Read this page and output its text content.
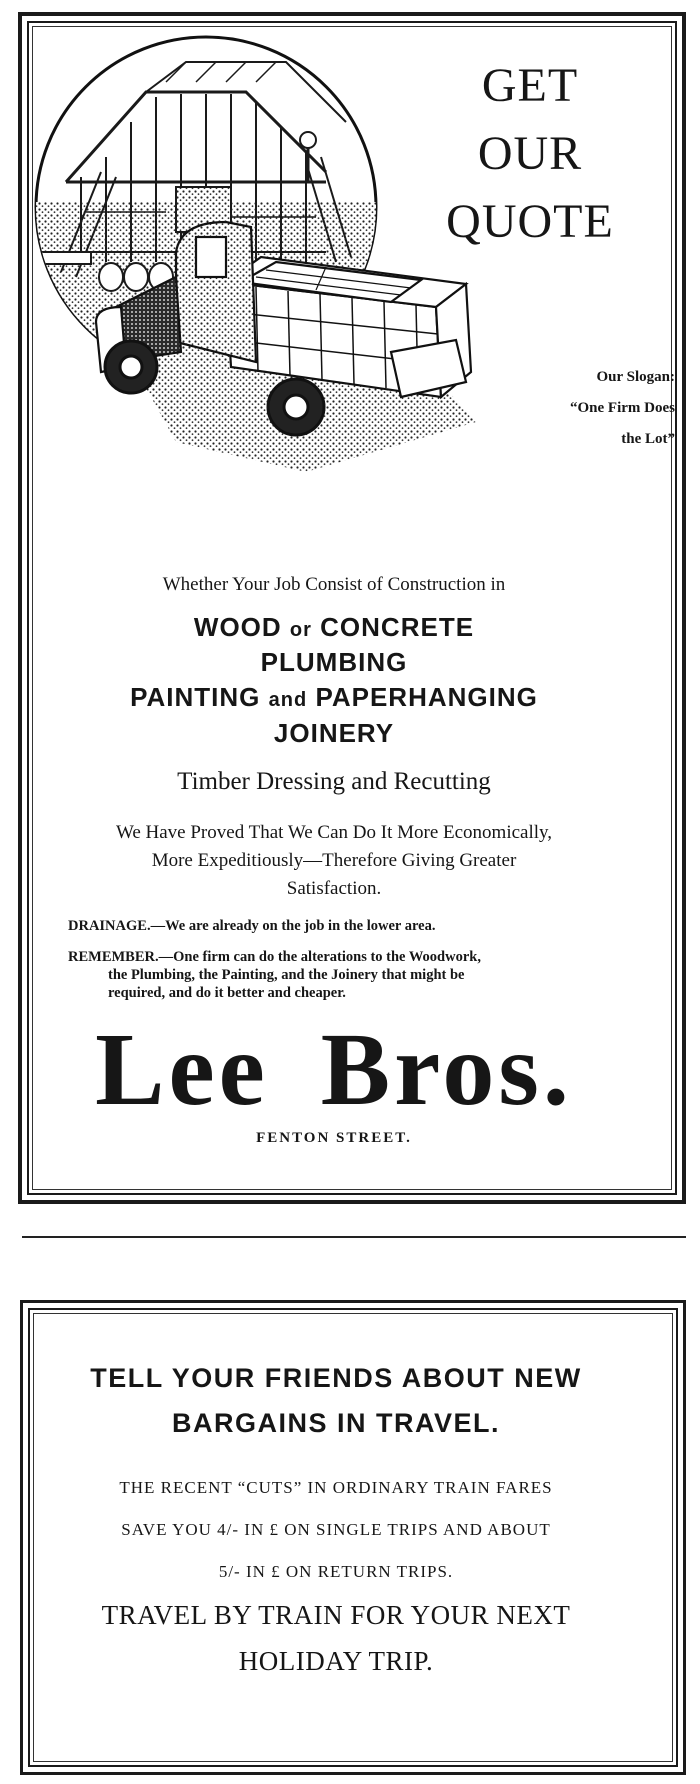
GET
OUR
QUOTE
Our Slogan:
“One Firm Does
the Lot”
Whether Your Job Consist of Construction in
WOOD or CONCRETE
PLUMBING
PAINTING and PAPERHANGING
JOINERY
Timber Dressing and Recutting
We Have Proved That We Can Do It More Economically,
More Expeditiously—Therefore Giving Greater
Satisfaction.
DRAINAGE.—We are already on the job in the lower area.
REMEMBER.—One firm can do the alterations to the Woodwork,
the Plumbing, the Painting, and the Joinery that might be
required, and do it better and cheaper.
Lee Bros.
FENTON STREET.
TELL YOUR FRIENDS ABOUT NEW
BARGAINS IN TRAVEL.
THE RECENT “CUTS” IN ORDINARY TRAIN FARES
SAVE YOU 4/- IN £ ON SINGLE TRIPS AND ABOUT
5/- IN £ ON RETURN TRIPS.
TRAVEL BY TRAIN FOR YOUR NEXT
HOLIDAY TRIP.
